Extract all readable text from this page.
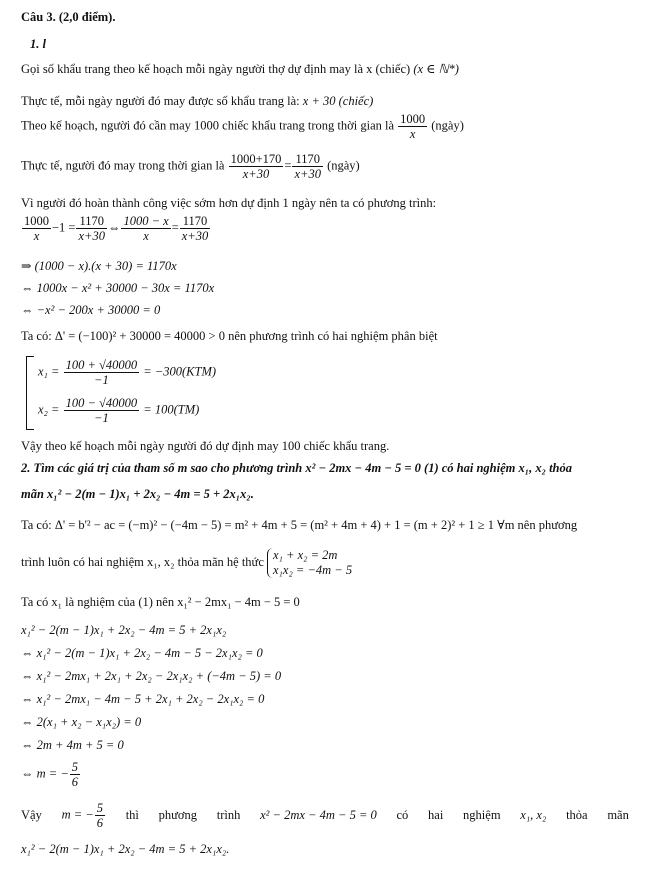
Câu 3. (2,0 điểm).
1. l
Gọi số khẩu trang theo kế hoạch mỗi ngày người thợ dự định may là x (chiếc) (x ∈ ℕ*)
Thực tế, mỗi ngày người đó may được số khẩu trang là: x + 30 (chiếc)
Theo kế hoạch, người đó cần may 1000 chiếc khẩu trang trong thời gian là $\frac{1000}{x}$ (ngày)
Thực tế, người đó may trong thời gian là $\frac{1000+170}{x+30} = \frac{1170}{x+30}$ (ngày)
Vì người đó hoàn thành công việc sớm hơn dự định 1 ngày nên ta có phương trình:
$\frac{1000}{x} -1 = \frac{1170}{x+30}$ ⇔ $\frac{1000 - x}{x} = \frac{1170}{x+30}$
⇒ (1000 − x).(x + 30) = 1170x
⇔ 1000x − x² + 30000 − 30x = 1170x
⇔ −x² − 200x + 30000 = 0
Ta có: Δ' = (−100)² + 30000 = 40000 > 0 nên phương trình có hai nghiệm phân biệt
$x_1 = \frac{100 + √40000}{-1} = -300(KTM)$
$x_2 = \frac{100 - √40000}{-1} = 100(TM)$
Vậy theo kế hoạch mỗi ngày người đó dự định may 100 chiếc khẩu trang.
2. Tìm các giá trị của tham số m sao cho phương trình x² − 2mx − 4m − 5 = 0 (1) có hai nghiệm x₁, x₂ thỏa
mãn x₁² − 2(m − 1)x₁ + 2x₂ − 4m = 5 + 2x₁x₂.
Ta có: Δ' = b'² − ac = (−m)² − (−4m − 5) = m² + 4m + 5 = (m² + 4m + 4) + 1 = (m + 2)² + 1 ≥ 1 ∀m nên phương
trình luôn có hai nghiệm x₁, x₂ thỏa mãn hệ thức x₁ + x₂ = 2m
x₁x₂ = −4m − 5
Ta có x₁ là nghiệm của (1) nên x₁² − 2mx₁ − 4m − 5 = 0
x₁² − 2(m − 1)x₁ + 2x₂ − 4m = 5 + 2x₁x₂
⇔ x₁² − 2(m − 1)x₁ + 2x₂ − 4m − 5 − 2x₁x₂ = 0
⇔ x₁² − 2mx₁ + 2x₁ + 2x₂ − 2x₁x₂ + (−4m − 5) = 0
⇔ x₁² − 2mx₁ − 4m − 5 + 2x₁ + 2x₂ − 2x₁x₂ = 0
⇔ 2(x₁ + x₂ − x₁x₂) = 0
⇔ 2m + 4m + 5 = 0
⇔ m = − $\frac{5}{6}$
Vậy m = − $\frac{5}{6}$ thì phương trình x² − 2mx − 4m − 5 = 0 có hai nghiệm x₁, x₂ thỏa mãn
x₁² − 2(m − 1)x₁ + 2x₂ − 4m = 5 + 2x₁x₂.
